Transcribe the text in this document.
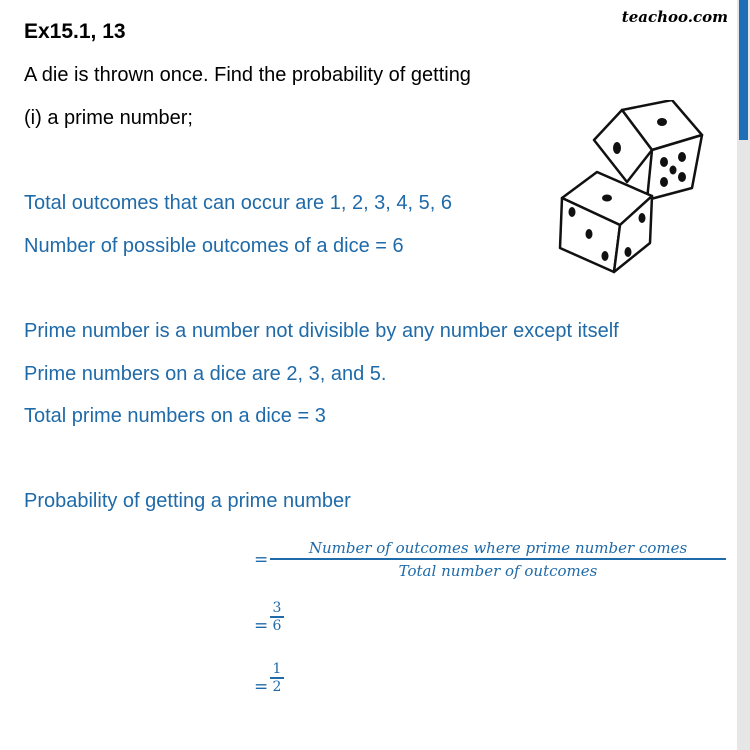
Ex15.1, 13
teachoo.com
A die is thrown once. Find the probability of getting
(i) a prime number;
Total outcomes that can occur are 1, 2, 3, 4, 5, 6
Number of possible outcomes of a dice = 6
Prime number is a number not divisible by any number except itself
Prime numbers on a dice are 2, 3, and 5.
Total prime numbers on a dice = 3
Probability of getting a prime number
=
Number of outcomes where prime number comes
Total number of outcomes
=
3
6
=
1
2
